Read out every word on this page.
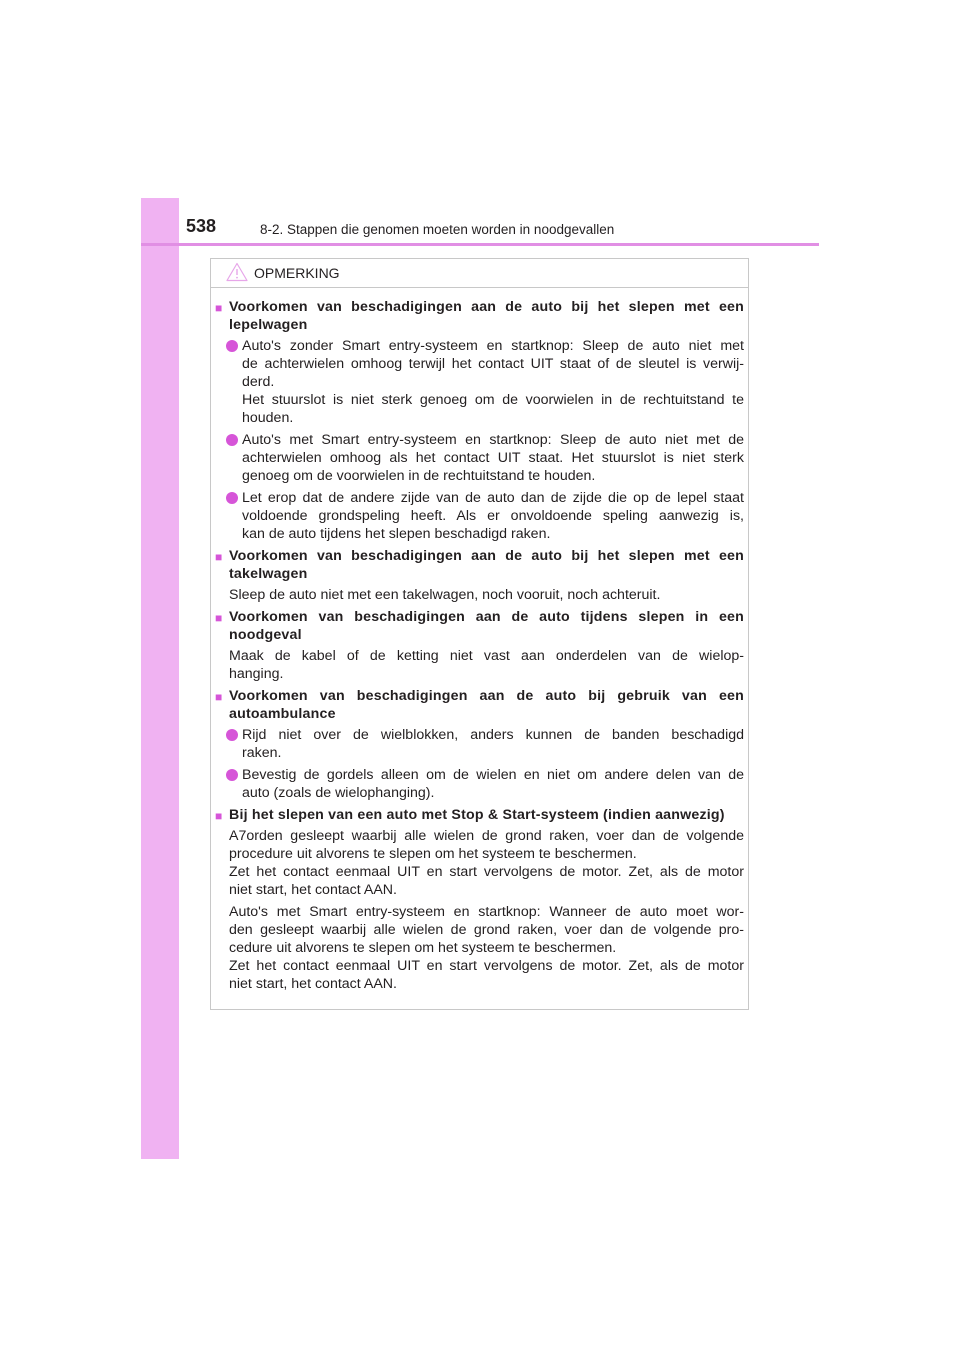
538	8-2. Stappen die genomen moeten worden in noodgevallen
OPMERKING
■ Voorkomen van beschadigingen aan de auto bij het slepen met een
lepelwagen
Auto's zonder Smart entry-systeem en startknop: Sleep de auto niet met
de achterwielen omhoog terwijl het contact UIT staat of de sleutel is verwij-
derd.
Het stuurslot is niet sterk genoeg om de voorwielen in de rechtuitstand te
houden.
Auto's met Smart entry-systeem en startknop: Sleep de auto niet met de
achterwielen omhoog als het contact UIT staat. Het stuurslot is niet sterk
genoeg om de voorwielen in de rechtuitstand te houden.
Let erop dat de andere zijde van de auto dan de zijde die op de lepel staat
voldoende grondspeling heeft. Als er onvoldoende speling aanwezig is,
kan de auto tijdens het slepen beschadigd raken.
■ Voorkomen van beschadigingen aan de auto bij het slepen met een
takelwagen
Sleep de auto niet met een takelwagen, noch vooruit, noch achteruit.
■ Voorkomen van beschadigingen aan de auto tijdens slepen in een
noodgeval
Maak de kabel of de ketting niet vast aan onderdelen van de wielop-
hanging.
■ Voorkomen van beschadigingen aan de auto bij gebruik van een
autoambulance
Rijd niet over de wielblokken, anders kunnen de banden beschadigd
raken.
Bevestig de gordels alleen om de wielen en niet om andere delen van de
auto (zoals de wielophanging).
■ Bij het slepen van een auto met Stop & Start-systeem (indien aanwezig)
A7orden gesleept waarbij alle wielen de grond raken, voer dan de volgende
procedure uit alvorens te slepen om het systeem te beschermen.
Zet het contact eenmaal UIT en start vervolgens de motor. Zet, als de motor
niet start, het contact AAN.
Auto's met Smart entry-systeem en startknop: Wanneer de auto moet wor-
den gesleept waarbij alle wielen de grond raken, voer dan de volgende pro-
cedure uit alvorens te slepen om het systeem te beschermen.
Zet het contact eenmaal UIT en start vervolgens de motor. Zet, als de motor
niet start, het contact AAN.
